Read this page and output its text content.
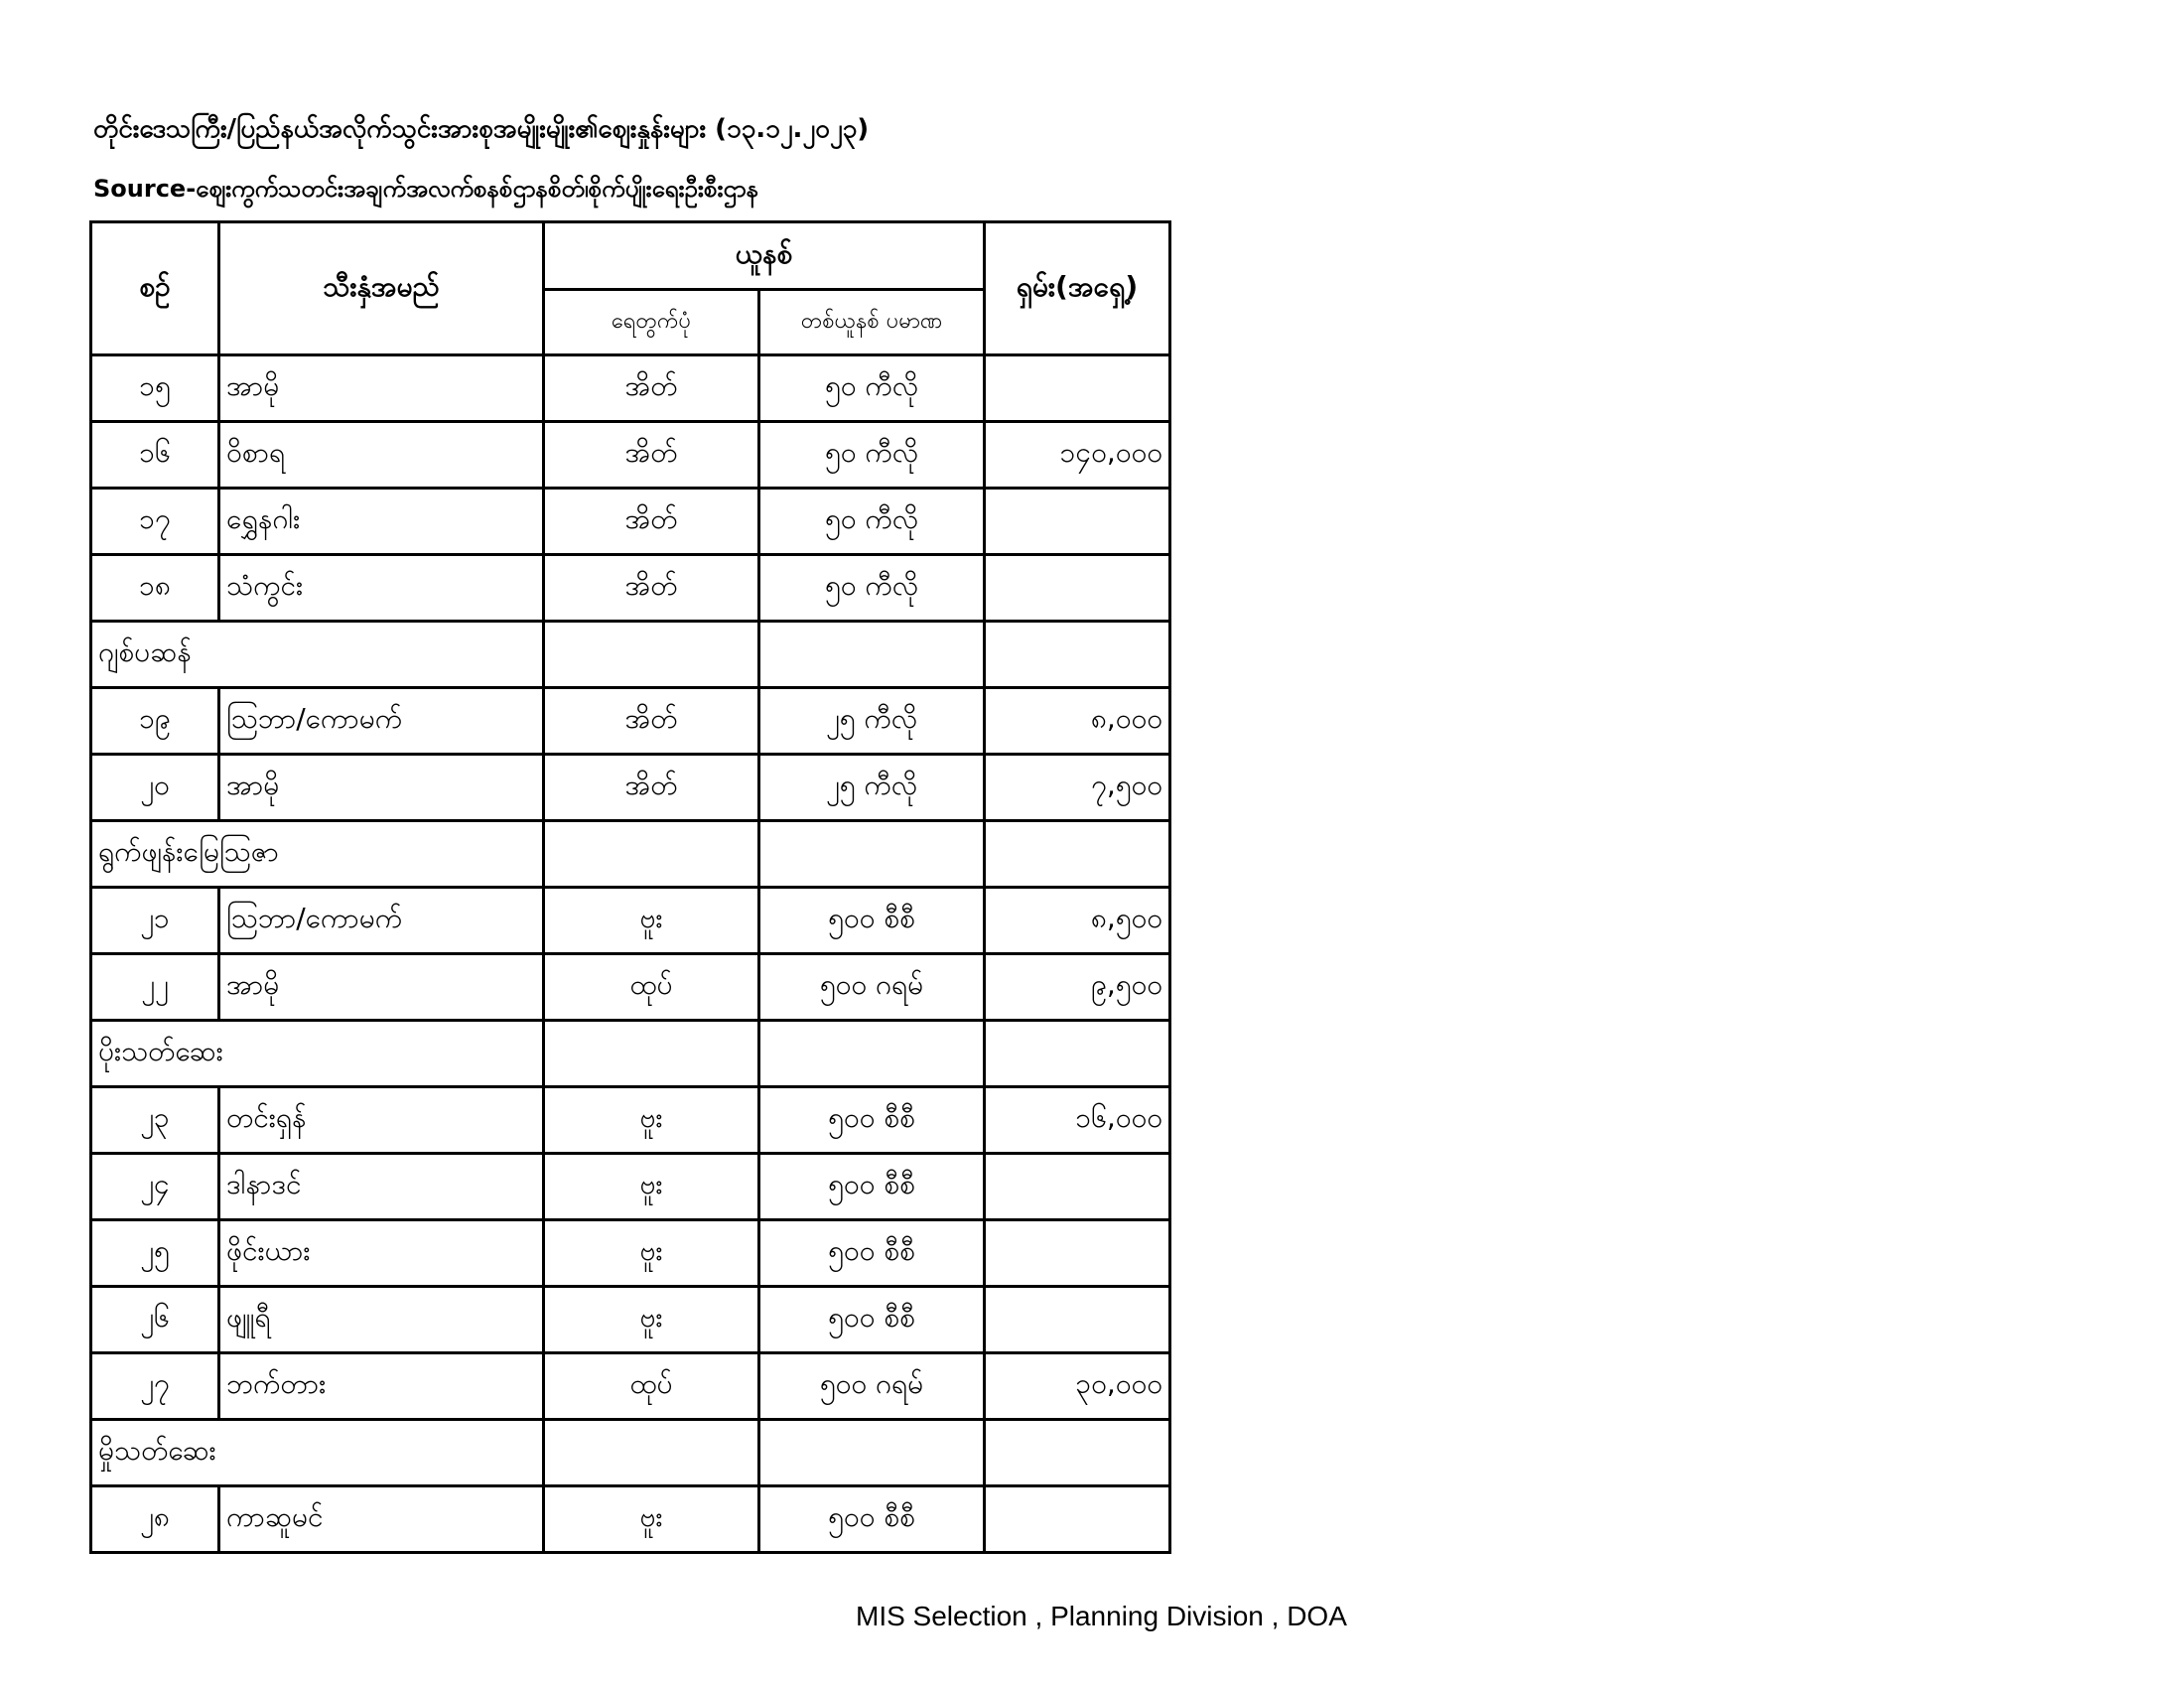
တိုင်းဒေသကြီး/ပြည်နယ်အလိုက်သွင်းအားစုအမျိုးမျိုး၏ဈေးနှုန်းများ (၁၃.၁၂.၂၀၂၃)
Source-ဈေးကွက်သတင်းအချက်အလက်စနစ်ဌာနစိတ်၊စိုက်ပျိုးရေးဦးစီးဌာန
စဉ်	သီးနှံအမည်	ယူနစ်		ရှမ်း(အရှေ့)
		ရေတွက်ပုံ	တစ်ယူနစ် ပမာဏ	
၁၅	အာမို	အိတ်	၅၀ ကီလို	
၁၆	ဝိစာရ	အိတ်	၅၀ ကီလို	၁၄၀,၀၀၀
၁၇	ရွှေနဂါး	အိတ်	၅၀ ကီလို	
၁၈	သံကွင်း	အိတ်	၅၀ ကီလို	
ဂျစ်ပဆန်				
၁၉	သြဘာ/ကောမက်	အိတ်	၂၅ ကီလို	၈,၀၀၀
၂၀	အာမို	အိတ်	၂၅ ကီလို	၇,၅၀၀
ရွက်ဖျန်းမြေသြဇာ				
၂၁	သြဘာ/ကောမက်	ဗူး	၅၀၀ စီစီ	၈,၅၀၀
၂၂	အာမို	ထုပ်	၅၀၀ ဂရမ်	၉,၅၀၀
ပိုးသတ်ဆေး				
၂၃	တင်းရှန်	ဗူး	၅၀၀ စီစီ	၁၆,၀၀၀
၂၄	ဒါနာဒင်	ဗူး	၅၀၀ စီစီ	
၂၅	ဖိုင်းယား	ဗူး	၅၀၀ စီစီ	
၂၆	ဖျူရီ	ဗူး	၅၀၀ စီစီ	
၂၇	ဘက်တား	ထုပ်	၅၀၀ ဂရမ်	၃၀,၀၀၀
မှိုသတ်ဆေး				
၂၈	ကာဆူမင်	ဗူး	၅၀၀ စီစီ	
MIS Selection , Planning Division , DOA
